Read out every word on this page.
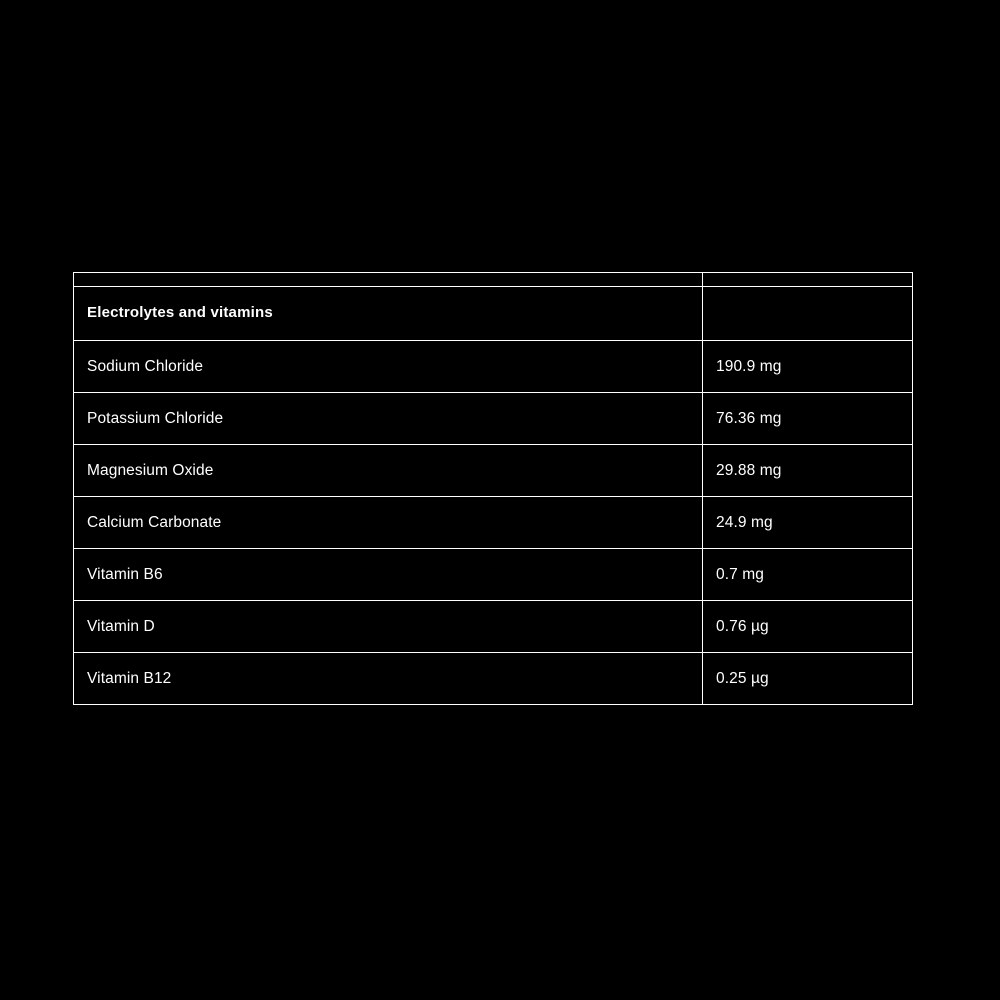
Electrolytes and vitamins	

Sodium Chloride	190.9 mg

Potassium Chloride	76.36 mg

Magnesium Oxide	29.88 mg

Calcium Carbonate	24.9 mg

Vitamin B6	0.7 mg

Vitamin D	0.76 µg

Vitamin B12	0.25 µg
